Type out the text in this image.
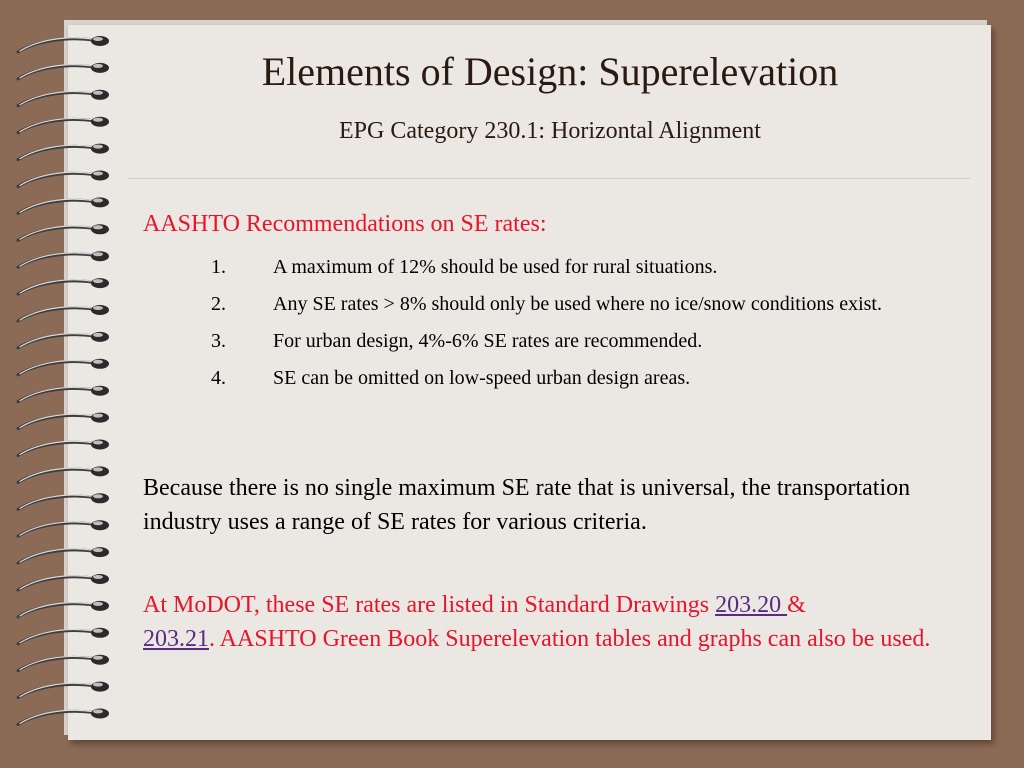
Elements of Design: Superelevation
EPG Category 230.1: Horizontal Alignment
AASHTO Recommendations on SE rates:
1. A maximum of 12% should be used for rural situations.
2. Any SE rates > 8% should only be used where no ice/snow conditions exist.
3. For urban design, 4%-6% SE rates are recommended.
4. SE can be omitted on low-speed urban design areas.

Because there is no single maximum SE rate that is universal, the transportation industry uses a range of SE rates for various criteria.

At MoDOT, these SE rates are listed in Standard Drawings 203.20 &
203.21. AASHTO Green Book Superelevation tables and graphs can also be used.
